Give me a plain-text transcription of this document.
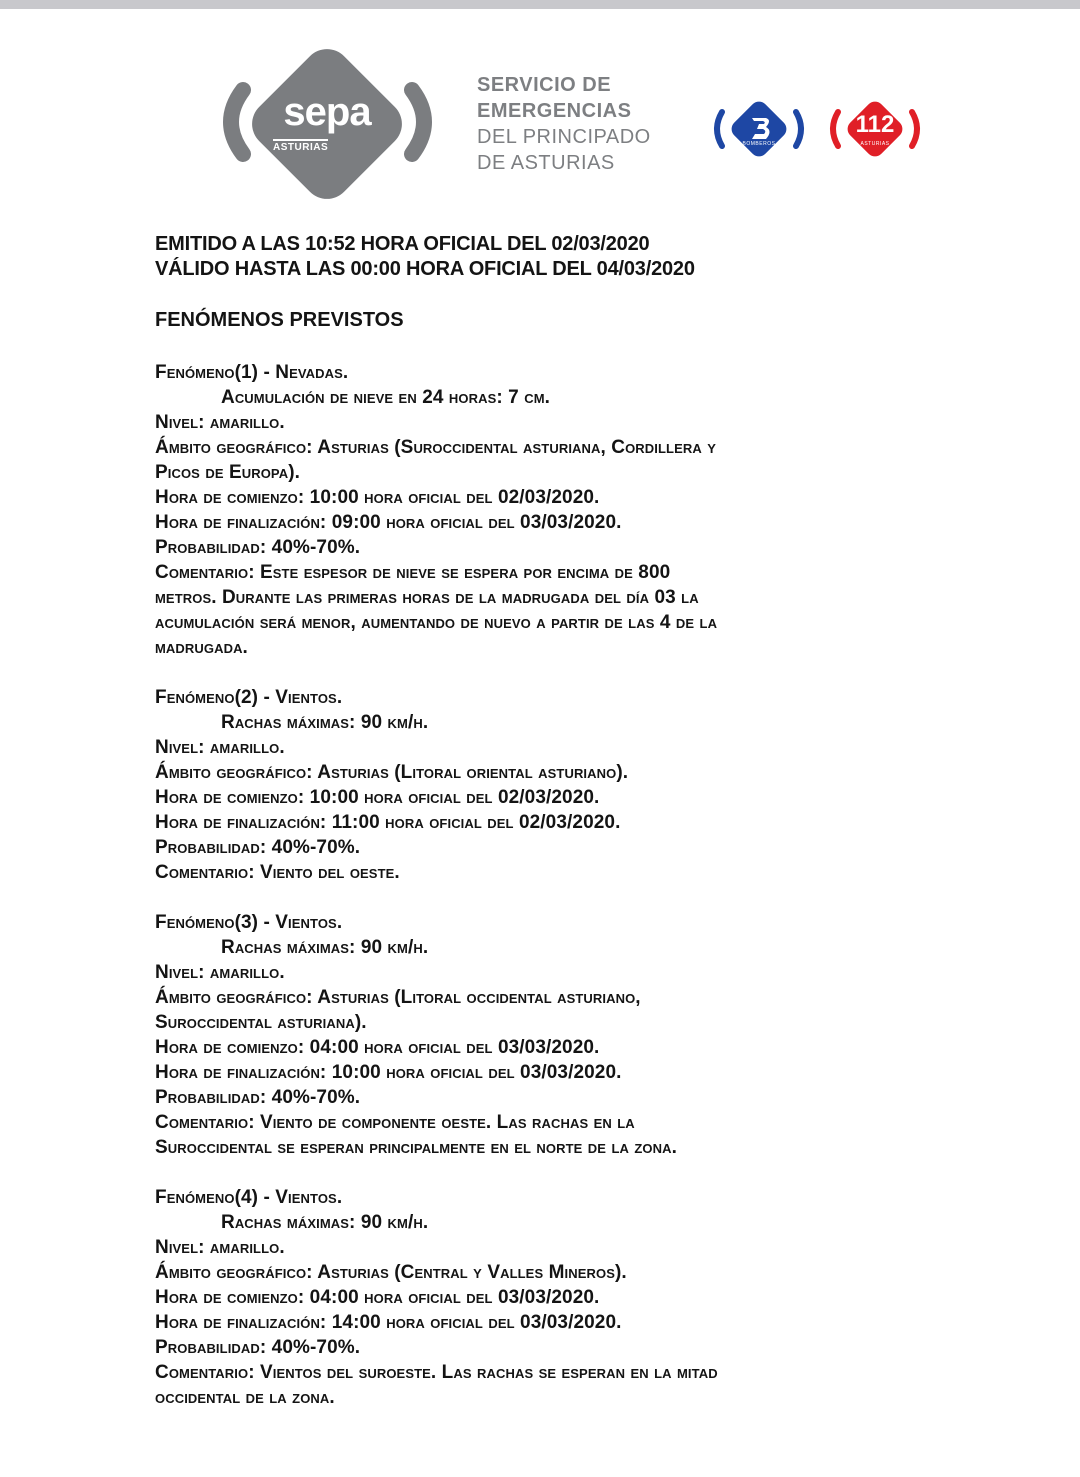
sepa
ASTURIAS
SERVICIO DE
EMERGENCIAS
DEL PRINCIPADO
DE ASTURIAS
BOMBEROS
112
ASTURIAS
EMITIDO A LAS 10:52 HORA OFICIAL DEL 02/03/2020
VÁLIDO HASTA LAS 00:00 HORA OFICIAL DEL 04/03/2020
FENÓMENOS PREVISTOS
Fenómeno(1) - Nevadas.
Acumulación de nieve en 24 horas: 7 cm.
Nivel: amarillo.
Ámbito geográfico: Asturias (Suroccidental asturiana, Cordillera y
Picos de Europa).
Hora de comienzo: 10:00 hora oficial del 02/03/2020.
Hora de finalización: 09:00 hora oficial del 03/03/2020.
Probabilidad: 40%-70%.
Comentario: Este espesor de nieve se espera por encima de 800
metros. Durante las primeras horas de la madrugada del día 03 la
acumulación será menor, aumentando de nuevo a partir de las 4 de la
madrugada.
Fenómeno(2) - Vientos.
Rachas máximas: 90 km/h.
Nivel: amarillo.
Ámbito geográfico: Asturias (Litoral oriental asturiano).
Hora de comienzo: 10:00 hora oficial del 02/03/2020.
Hora de finalización: 11:00 hora oficial del 02/03/2020.
Probabilidad: 40%-70%.
Comentario: Viento del oeste.
Fenómeno(3) - Vientos.
Rachas máximas: 90 km/h.
Nivel: amarillo.
Ámbito geográfico: Asturias (Litoral occidental asturiano,
Suroccidental asturiana).
Hora de comienzo: 04:00 hora oficial del 03/03/2020.
Hora de finalización: 10:00 hora oficial del 03/03/2020.
Probabilidad: 40%-70%.
Comentario: Viento de componente oeste. Las rachas en la
Suroccidental se esperan principalmente en el norte de la zona.
Fenómeno(4) - Vientos.
Rachas máximas: 90 km/h.
Nivel: amarillo.
Ámbito geográfico: Asturias (Central y Valles Mineros).
Hora de comienzo: 04:00 hora oficial del 03/03/2020.
Hora de finalización: 14:00 hora oficial del 03/03/2020.
Probabilidad: 40%-70%.
Comentario: Vientos del suroeste. Las rachas se esperan en la mitad
occidental de la zona.
